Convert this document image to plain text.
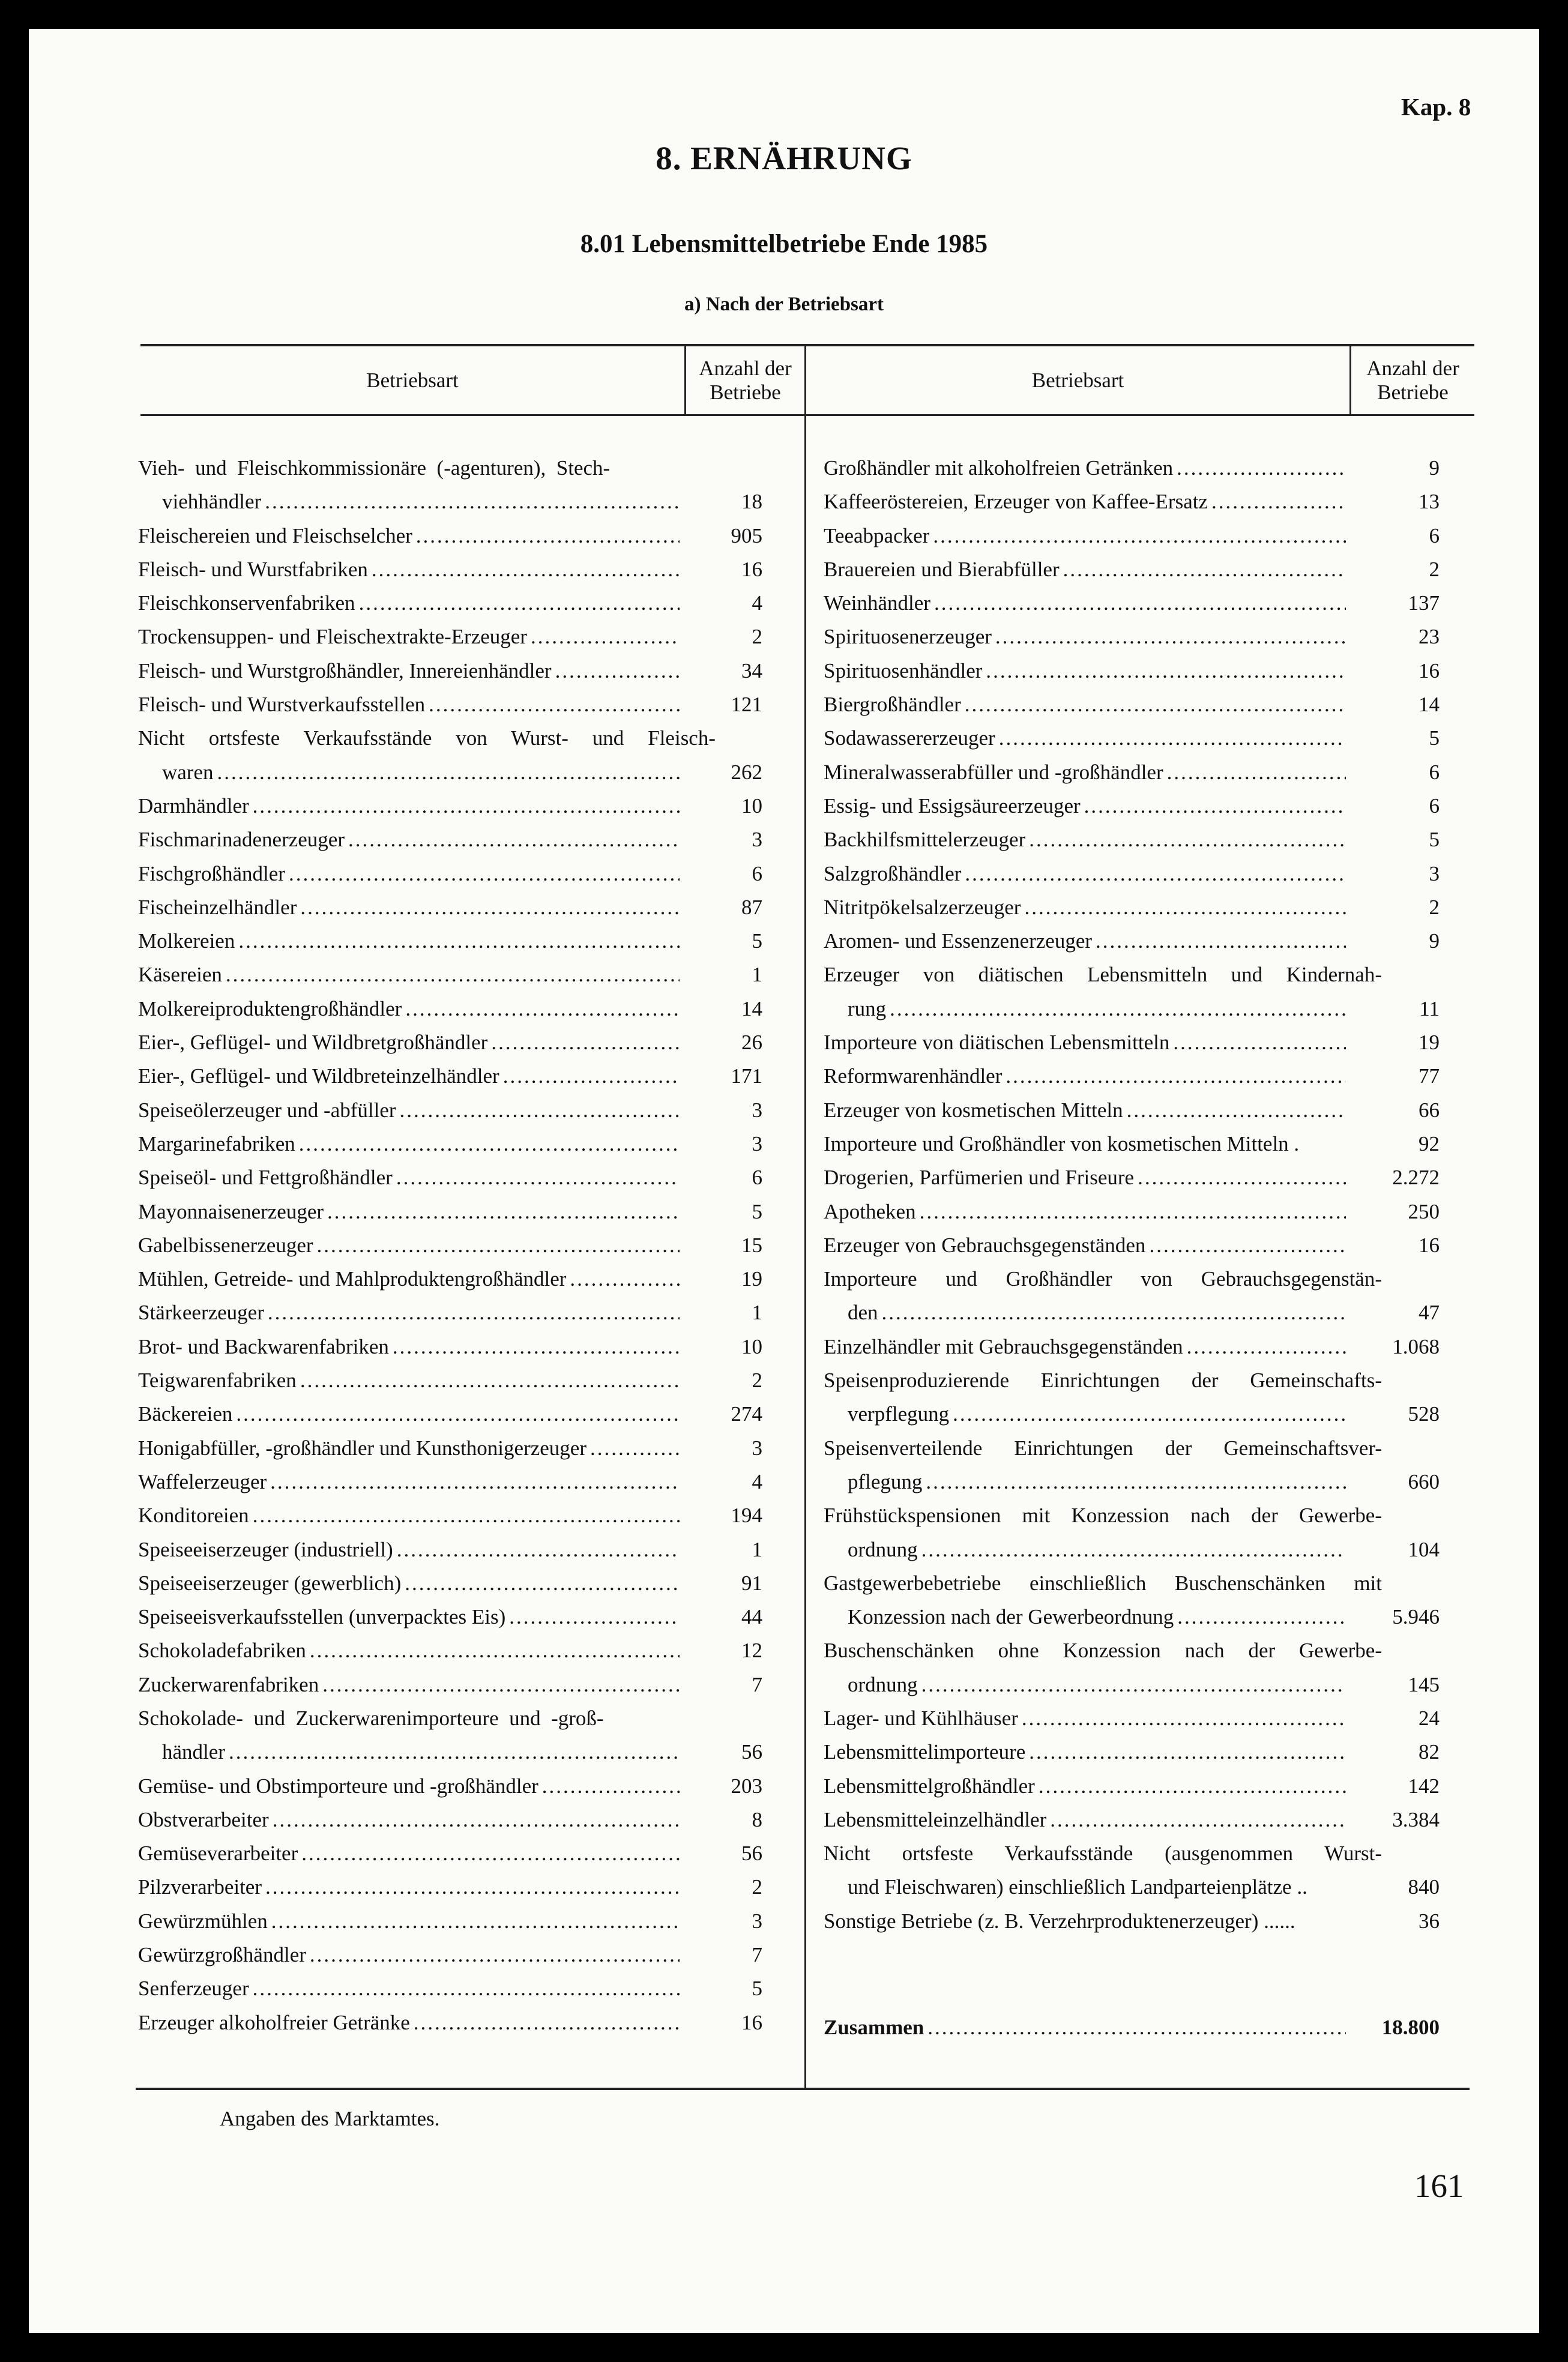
Kap. 8
8. ERNÄHRUNG
8.01 Lebensmittelbetriebe Ende 1985
a) Nach der Betriebsart
Betriebsart
Anzahl der
Betriebe
Betriebsart
Anzahl der
Betriebe
Vieh- und Fleischkommissionäre (-agenturen), Stech-
viehhändler .....	18
Fleischereien und Fleischselcher .....	905
Fleisch- und Wurstfabriken .....	16
Fleischkonservenfabriken .....	4
Trockensuppen- und Fleischextrakte-Erzeuger .....	2
Fleisch- und Wurstgroßhändler, Innereienhändler .....	34
Fleisch- und Wurstverkaufsstellen .....	121
Nicht ortsfeste Verkaufsstände von Wurst- und Fleisch-
waren .....	262
Darmhändler .....	10
Fischmarinadenerzeuger .....	3
Fischgroßhändler .....	6
Fischeinzelhändler .....	87
Molkereien .....	5
Käsereien .....	1
Molkereiproduktengroßhändler .....	14
Eier-, Geflügel- und Wildbretgroßhändler .....	26
Eier-, Geflügel- und Wildbreteinzelhändler .....	171
Speiseölerzeuger und -abfüller .....	3
Margarinefabriken .....	3
Speiseöl- und Fettgroßhändler .....	6
Mayonnaisenerzeuger .....	5
Gabelbissenerzeuger .....	15
Mühlen, Getreide- und Mahlproduktengroßhändler .....	19
Stärkeerzeuger .....	1
Brot- und Backwarenfabriken .....	10
Teigwarenfabriken .....	2
Bäckereien .....	274
Honigabfüller, -großhändler und Kunsthonigerzeuger .....	3
Waffelerzeuger .....	4
Konditoreien .....	194
Speiseeiserzeuger (industriell) .....	1
Speiseeiserzeuger (gewerblich) .....	91
Speiseeisverkaufsstellen (unverpacktes Eis) .....	44
Schokoladefabriken .....	12
Zuckerwarenfabriken .....	7
Schokolade- und Zuckerwarenimporteure und -groß-
händler .....	56
Gemüse- und Obstimporteure und -großhändler .....	203
Obstverarbeiter .....	8
Gemüseverarbeiter .....	56
Pilzverarbeiter .....	2
Gewürzmühlen .....	3
Gewürzgroßhändler .....	7
Senferzeuger .....	5
Erzeuger alkoholfreier Getränke .....	16
Großhändler mit alkoholfreien Getränken .....	9
Kaffeeröstereien, Erzeuger von Kaffee-Ersatz .....	13
Teeabpacker .....	6
Brauereien und Bierabfüller .....	2
Weinhändler .....	137
Spirituosenerzeuger .....	23
Spirituosenhändler .....	16
Biergroßhändler .....	14
Sodawassererzeuger .....	5
Mineralwasserabfüller und -großhändler .....	6
Essig- und Essigsäureerzeuger .....	6
Backhilfsmittelerzeuger .....	5
Salzgroßhändler .....	3
Nitritpökelsalzerzeuger .....	2
Aromen- und Essenzenerzeuger .....	9
Erzeuger von diätischen Lebensmitteln und Kindernah-
rung .....	11
Importeure von diätischen Lebensmitteln .....	19
Reformwarenhändler .....	77
Erzeuger von kosmetischen Mitteln .....	66
Importeure und Großhändler von kosmetischen Mitteln .	92
Drogerien, Parfümerien und Friseure .....	2.272
Apotheken .....	250
Erzeuger von Gebrauchsgegenständen .....	16
Importeure und Großhändler von Gebrauchsgegenstän-
den .....	47
Einzelhändler mit Gebrauchsgegenständen .....	1.068
Speisenproduzierende Einrichtungen der Gemeinschafts-
verpflegung .....	528
Speisenverteilende Einrichtungen der Gemeinschaftsver-
pflegung .....	660
Frühstückspensionen mit Konzession nach der Gewerbe-
ordnung .....	104
Gastgewerbebetriebe einschließlich Buschenschänken mit
Konzession nach der Gewerbeordnung .....	5.946
Buschenschänken ohne Konzession nach der Gewerbe-
ordnung .....	145
Lager- und Kühlhäuser .....	24
Lebensmittelimporteure .....	82
Lebensmittelgroßhändler .....	142
Lebensmitteleinzelhändler .....	3.384
Nicht ortsfeste Verkaufsstände (ausgenommen Wurst-
und Fleischwaren) einschließlich Landparteienplätze ..	840
Sonstige Betriebe (z. B. Verzehrproduktenerzeuger) ......	36
Zusammen .....	18.800
Angaben des Marktamtes.
161
